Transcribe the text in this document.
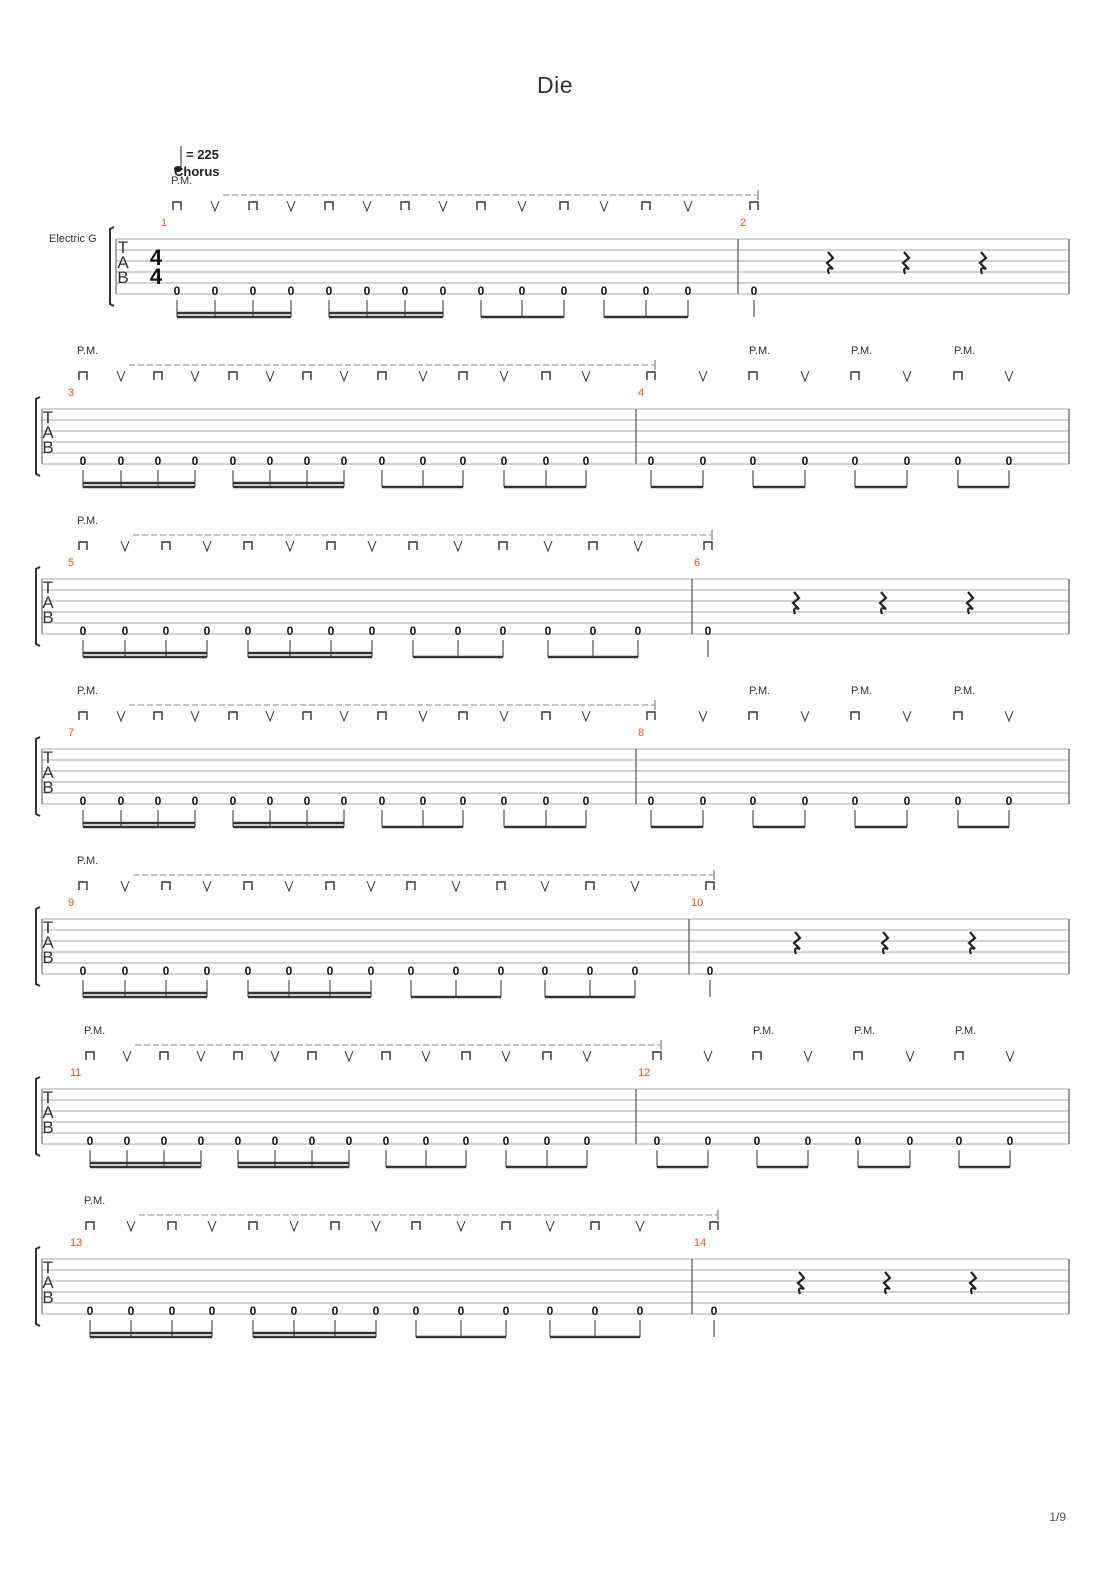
Die
T
A
B
1	2
4
4
Electric G
0	0	0	0	0	0	0	0	0	0	0	0	0	0
P.M.
0
T
A
B
3	4
0	0	0	0	0	0	0	0	0	0	0	0	0	0
P.M.
0	0	0	0	0	0	0	0
P.M.	P.M.	P.M.
T
A
B
5	6
0	0	0	0	0	0	0	0	0	0	0	0	0	0
P.M.
0
T
A
B
7	8
0	0	0	0	0	0	0	0	0	0	0	0	0	0
P.M.
0	0	0	0	0	0	0	0
P.M.	P.M.	P.M.
T
A
B
9	10
0	0	0	0	0	0	0	0	0	0	0	0	0	0
P.M.
0
T
A
B
11	12
0	0	0	0	0	0	0	0	0	0	0	0	0	0
P.M.
0	0	0	0	0	0	0	0
P.M.	P.M.	P.M.
T
A
B
13	14
0	0	0	0	0	0	0	0	0	0	0	0	0	0
P.M.
0
= 225
Chorus
1/9
